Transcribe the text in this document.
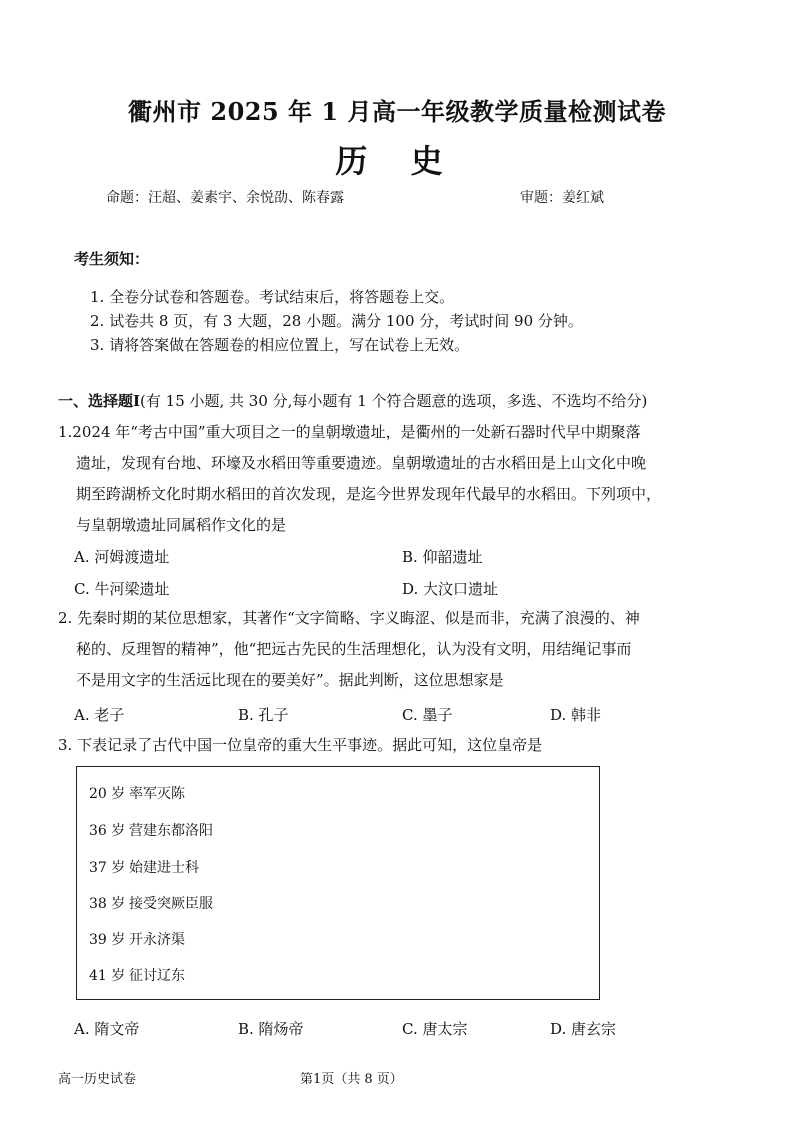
衢州市 2025 年 1 月高一年级教学质量检测试卷
历 史
命题：汪超、姜素宇、余悦劭、陈春露	审题：姜红斌
考生须知：
1. 全卷分试卷和答题卷。考试结束后，将答题卷上交。
2. 试卷共 8 页，有 3 大题，28 小题。满分 100 分，考试时间 90 分钟。
3. 请将答案做在答题卷的相应位置上，写在试卷上无效。
一、选择题Ⅰ(有 15 小题, 共 30 分,每小题有 1 个符合题意的选项，多选、不选均不给分)
1.2024 年“考古中国”重大项目之一的皇朝墩遗址，是衢州的一处新石器时代早中期聚落
遗址，发现有台地、环壕及水稻田等重要遗迹。皇朝墩遗址的古水稻田是上山文化中晚
期至跨湖桥文化时期水稻田的首次发现，是迄今世界发现年代最早的水稻田。下列项中，
与皇朝墩遗址同属稻作文化的是
A. 河姆渡遗址	B. 仰韶遗址
C. 牛河梁遗址	D. 大汶口遗址
2. 先秦时期的某位思想家，其著作“文字简略、字义晦涩、似是而非，充满了浪漫的、神
秘的、反理智的精神”，他“把远古先民的生活理想化，认为没有文明，用结绳记事而
不是用文字的生活远比现在的要美好”。据此判断，这位思想家是
A. 老子	B. 孔子	C. 墨子	D. 韩非
3. 下表记录了古代中国一位皇帝的重大生平事迹。据此可知，这位皇帝是
20 岁 率军灭陈
36 岁 营建东都洛阳
37 岁 始建进士科
38 岁 接受突厥臣服
39 岁 开永济渠
41 岁 征讨辽东
A. 隋文帝	B. 隋炀帝	C. 唐太宗	D. 唐玄宗
高一历史试卷	第1页（共 8 页）
